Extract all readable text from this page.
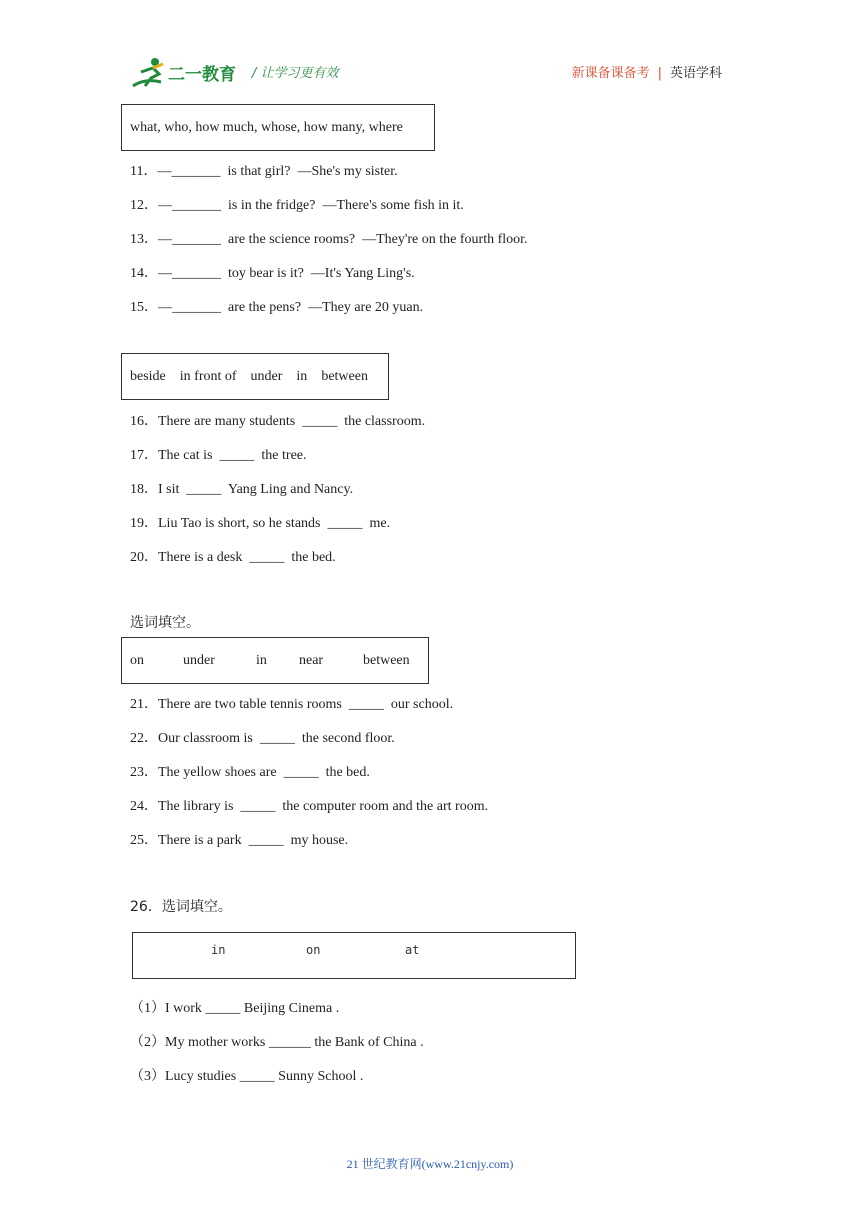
二一教育 / 让学习更有效	新课备课备考 | 英语学科
what, who, how much, whose, how many, where
11．—_______  is that girl?  —She's my sister.
12．—_______  is in the fridge?  —There's some fish in it.
13．—_______  are the science rooms?  —They're on the fourth floor.
14．—_______  toy bear is it?  —It's Yang Ling's.
15．—_______  are the pens?  —They are 20 yuan.
beside in front of under in between
16．There are many students  _____  the classroom.
17．The cat is  _____  the tree.
18．I sit  _____  Yang Ling and Nancy.
19．Liu Tao is short, so he stands  _____  me.
20．There is a desk  _____  the bed.
选词填空。
on	under	in near	between
21．There are two table tennis rooms  _____  our school.
22．Our classroom is  _____  the second floor.
23．The yellow shoes are  _____  the bed.
24．The library is  _____  the computer room and the art room.
25．There is a park  _____  my house.
26．选词填空。
in	on	at
（1）I work _____ Beijing Cinema .
（2）My mother works ______ the Bank of China .
（3）Lucy studies _____ Sunny School .
21 世纪教育网(www.21cnjy.com)
